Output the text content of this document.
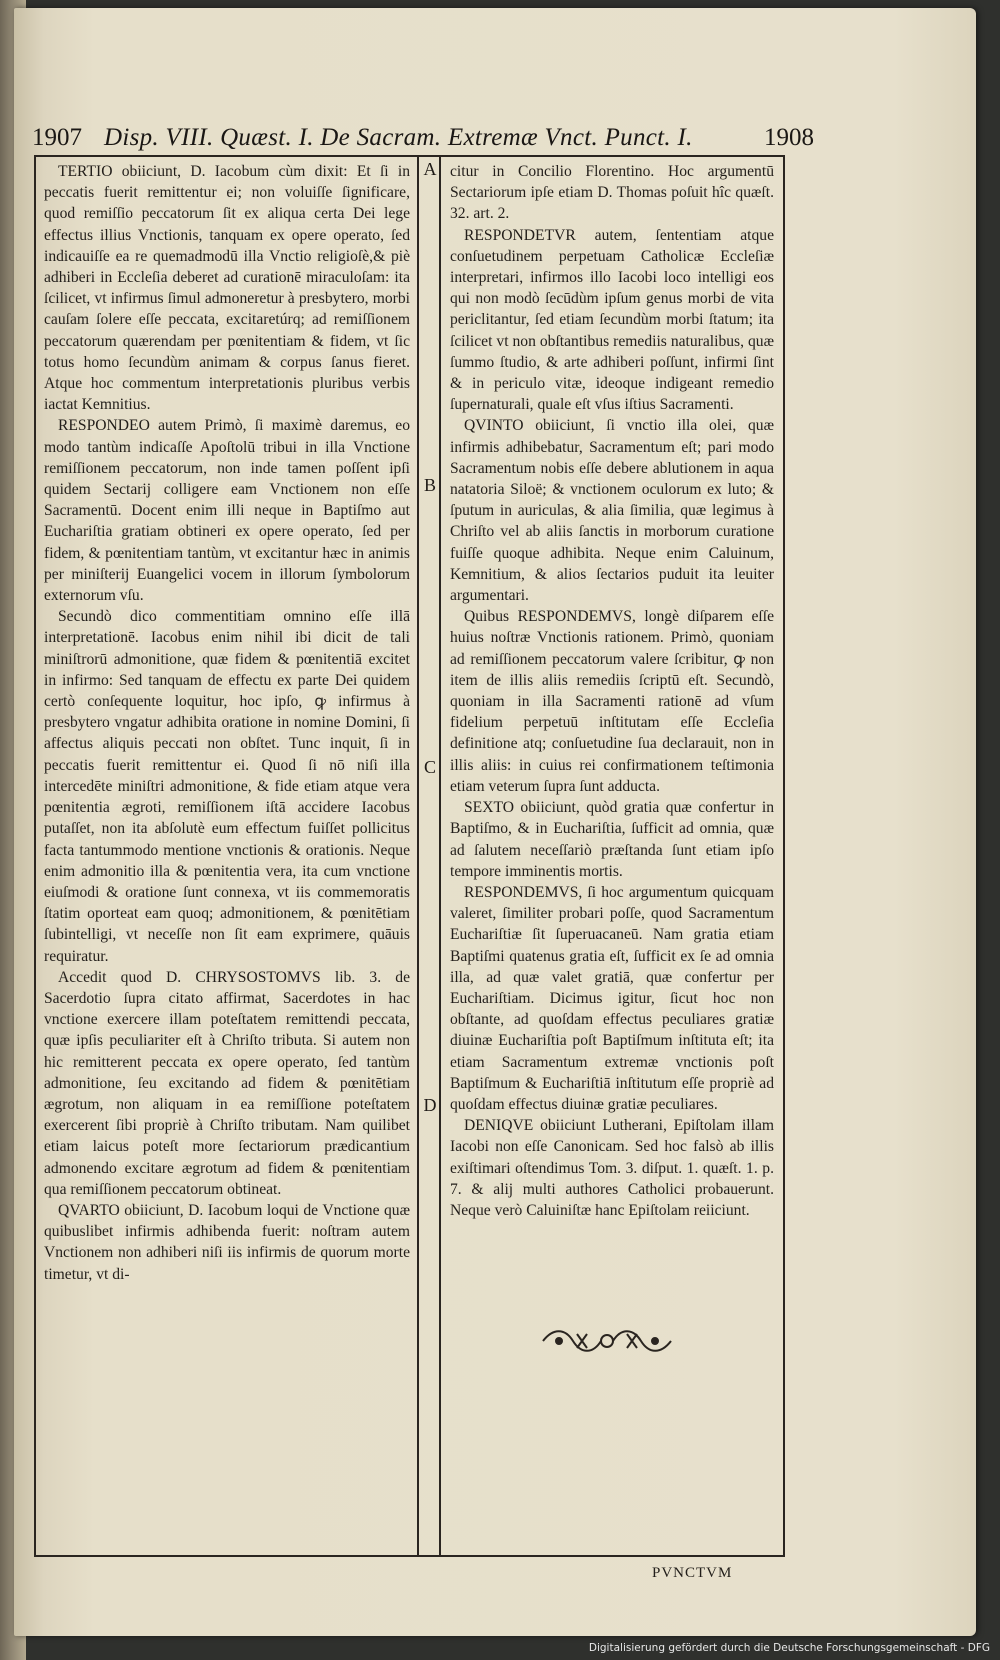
1907 Disp. VIII. Quæst. I. De Sacram. Extremæ Vnct. Punct. I.	1908

TERTIO obiiciunt, D. Iacobum cùm dixit: Et ſi in peccatis fuerit remittentur ei; non voluiſſe ſignificare, quod remiſſio peccatorum ſit ex aliqua certa Dei lege effectus illius Vnctionis, tanquam ex opere operato, ſed indicauiſſe ea re quemadmodū illa Vnctio religioſè,& piè adhiberi in Eccleſia deberet ad curationē miraculoſam: ita ſcilicet, vt infirmus ſimul admoneretur à presbytero, morbi cauſam ſolere eſſe peccata, excitaretúrq; ad remiſſionem peccatorum quærendam per pœnitentiam & fidem, vt ſic totus homo ſecundùm animam & corpus ſanus fieret. Atque hoc commentum interpretationis pluribus verbis iactat Kemnitius.

RESPONDEO autem Primò, ſi maximè daremus, eo modo tantùm indicaſſe Apoſtolū tribui in illa Vnctione remiſſionem peccatorum, non inde tamen poſſent ipſi quidem Sectarij colligere eam Vnctionem non eſſe Sacramentū. Docent enim illi neque in Baptiſmo aut Euchariſtia gratiam obtineri ex opere operato, ſed per fidem, & pœnitentiam tantùm, vt excitantur hæc in animis per miniſterij Euangelici vocem in illorum ſymbolorum externorum vſu.

Secundò dico commentitiam omnino eſſe illā interpretationē. Iacobus enim nihil ibi dicit de tali miniſtrorū admonitione, quæ fidem & pœnitentiā excitet in infirmo: Sed tanquam de effectu ex parte Dei quidem certò conſequente loquitur, hoc ipſo, ꝙ infirmus à presbytero vngatur adhibita oratione in nomine Domini, ſi affectus aliquis peccati non obſtet. Tunc inquit, ſi in peccatis fuerit remittentur ei. Quod ſi nō niſi illa intercedēte miniſtri admonitione, & fide etiam atque vera pœnitentia ægroti, remiſſionem iſtā accidere Iacobus putaſſet, non ita abſolutè eum effectum fuiſſet pollicitus facta tantummodo mentione vnctionis & orationis. Neque enim admonitio illa & pœnitentia vera, ita cum vnctione eiuſmodi & oratione ſunt connexa, vt iis commemoratis ſtatim oporteat eam quoq; admonitionem, & pœnitētiam ſubintelligi, vt neceſſe non ſit eam exprimere, quāuis requiratur.

Accedit quod D. CHRYSOSTOMVS lib. 3. de Sacerdotio ſupra citato affirmat, Sacerdotes in hac vnctione exercere illam poteſtatem remittendi peccata, quæ ipſis peculiariter eſt à Chriſto tributa. Si autem non hic remitterent peccata ex opere operato, ſed tantùm admonitione, ſeu excitando ad fidem & pœnitētiam ægrotum, non aliquam in ea remiſſione poteſtatem exercerent ſibi propriè à Chriſto tributam. Nam quilibet etiam laicus poteſt more ſectariorum prædicantium admonendo excitare ægrotum ad fidem & pœnitentiam qua remiſſionem peccatorum obtineat.

QVARTO obiiciunt, D. Iacobum loqui de Vnctione quæ quibuslibet infirmis adhibenda fuerit: noſtram autem Vnctionem non adhiberi niſi iis infirmis de quorum morte timetur, vt di-

citur in Concilio Florentino. Hoc argumentū Sectariorum ipſe etiam D. Thomas poſuit hîc quæſt. 32. art. 2.

RESPONDETVR autem, ſententiam atque conſuetudinem perpetuam Catholicæ Eccleſiæ interpretari, infirmos illo Iacobi loco intelligi eos qui non modò ſecūdùm ipſum genus morbi de vita periclitantur, ſed etiam ſecundùm morbi ſtatum; ita ſcilicet vt non obſtantibus remediis naturalibus, quæ ſummo ſtudio, & arte adhiberi poſſunt, infirmi ſint & in periculo vitæ, ideoque indigeant remedio ſupernaturali, quale eſt vſus iſtius Sacramenti.

QVINTO obiiciunt, ſi vnctio illa olei, quæ infirmis adhibebatur, Sacramentum eſt; pari modo Sacramentum nobis eſſe debere ablutionem in aqua natatoria Siloë; & vnctionem oculorum ex luto; & ſputum in auriculas, & alia ſimilia, quæ legimus à Chriſto vel ab aliis ſanctis in morborum curatione fuiſſe quoque adhibita. Neque enim Caluinum, Kemnitium, & alios ſectarios puduit ita leuiter argumentari.

Quibus RESPONDEMVS, longè diſparem eſſe huius noſtræ Vnctionis rationem. Primò, quoniam ad remiſſionem peccatorum valere ſcribitur, ꝙ non item de illis aliis remediis ſcriptū eſt. Secundò, quoniam in illa Sacramenti rationē ad vſum fidelium perpetuū inſtitutam eſſe Eccleſia definitione atq; conſuetudine ſua declarauit, non in illis aliis: in cuius rei confirmationem teſtimonia etiam veterum ſupra ſunt adducta.

SEXTO obiiciunt, quòd gratia quæ confertur in Baptiſmo, & in Euchariſtia, ſufficit ad omnia, quæ ad ſalutem neceſſariò præſtanda ſunt etiam ipſo tempore imminentis mortis.

RESPONDEMVS, ſi hoc argumentum quicquam valeret, ſimiliter probari poſſe, quod Sacramentum Euchariſtiæ ſit ſuperuacaneū. Nam gratia etiam Baptiſmi quatenus gratia eſt, ſufficit ex ſe ad omnia illa, ad quæ valet gratiā, quæ confertur per Euchariſtiam. Dicimus igitur, ſicut hoc non obſtante, ad quoſdam effectus peculiares gratiæ diuinæ Euchariſtia poſt Baptiſmum inſtituta eſt; ita etiam Sacramentum extremæ vnctionis poſt Baptiſmum & Euchariſtiā inſtitutum eſſe propriè ad quoſdam effectus diuinæ gratiæ peculiares.

DENIQVE obiiciunt Lutherani, Epiſtolam illam Iacobi non eſſe Canonicam. Sed hoc falsò ab illis exiſtimari oſtendimus Tom. 3. diſput. 1. quæſt. 1. p. 7. & alij multi authores Catholici probauerunt. Neque verò Caluiniſtæ hanc Epiſtolam reiiciunt.

A
B
C
D
PVNCTVM
Digitalisierung gefördert durch die Deutsche Forschungsgemeinschaft - DFG
